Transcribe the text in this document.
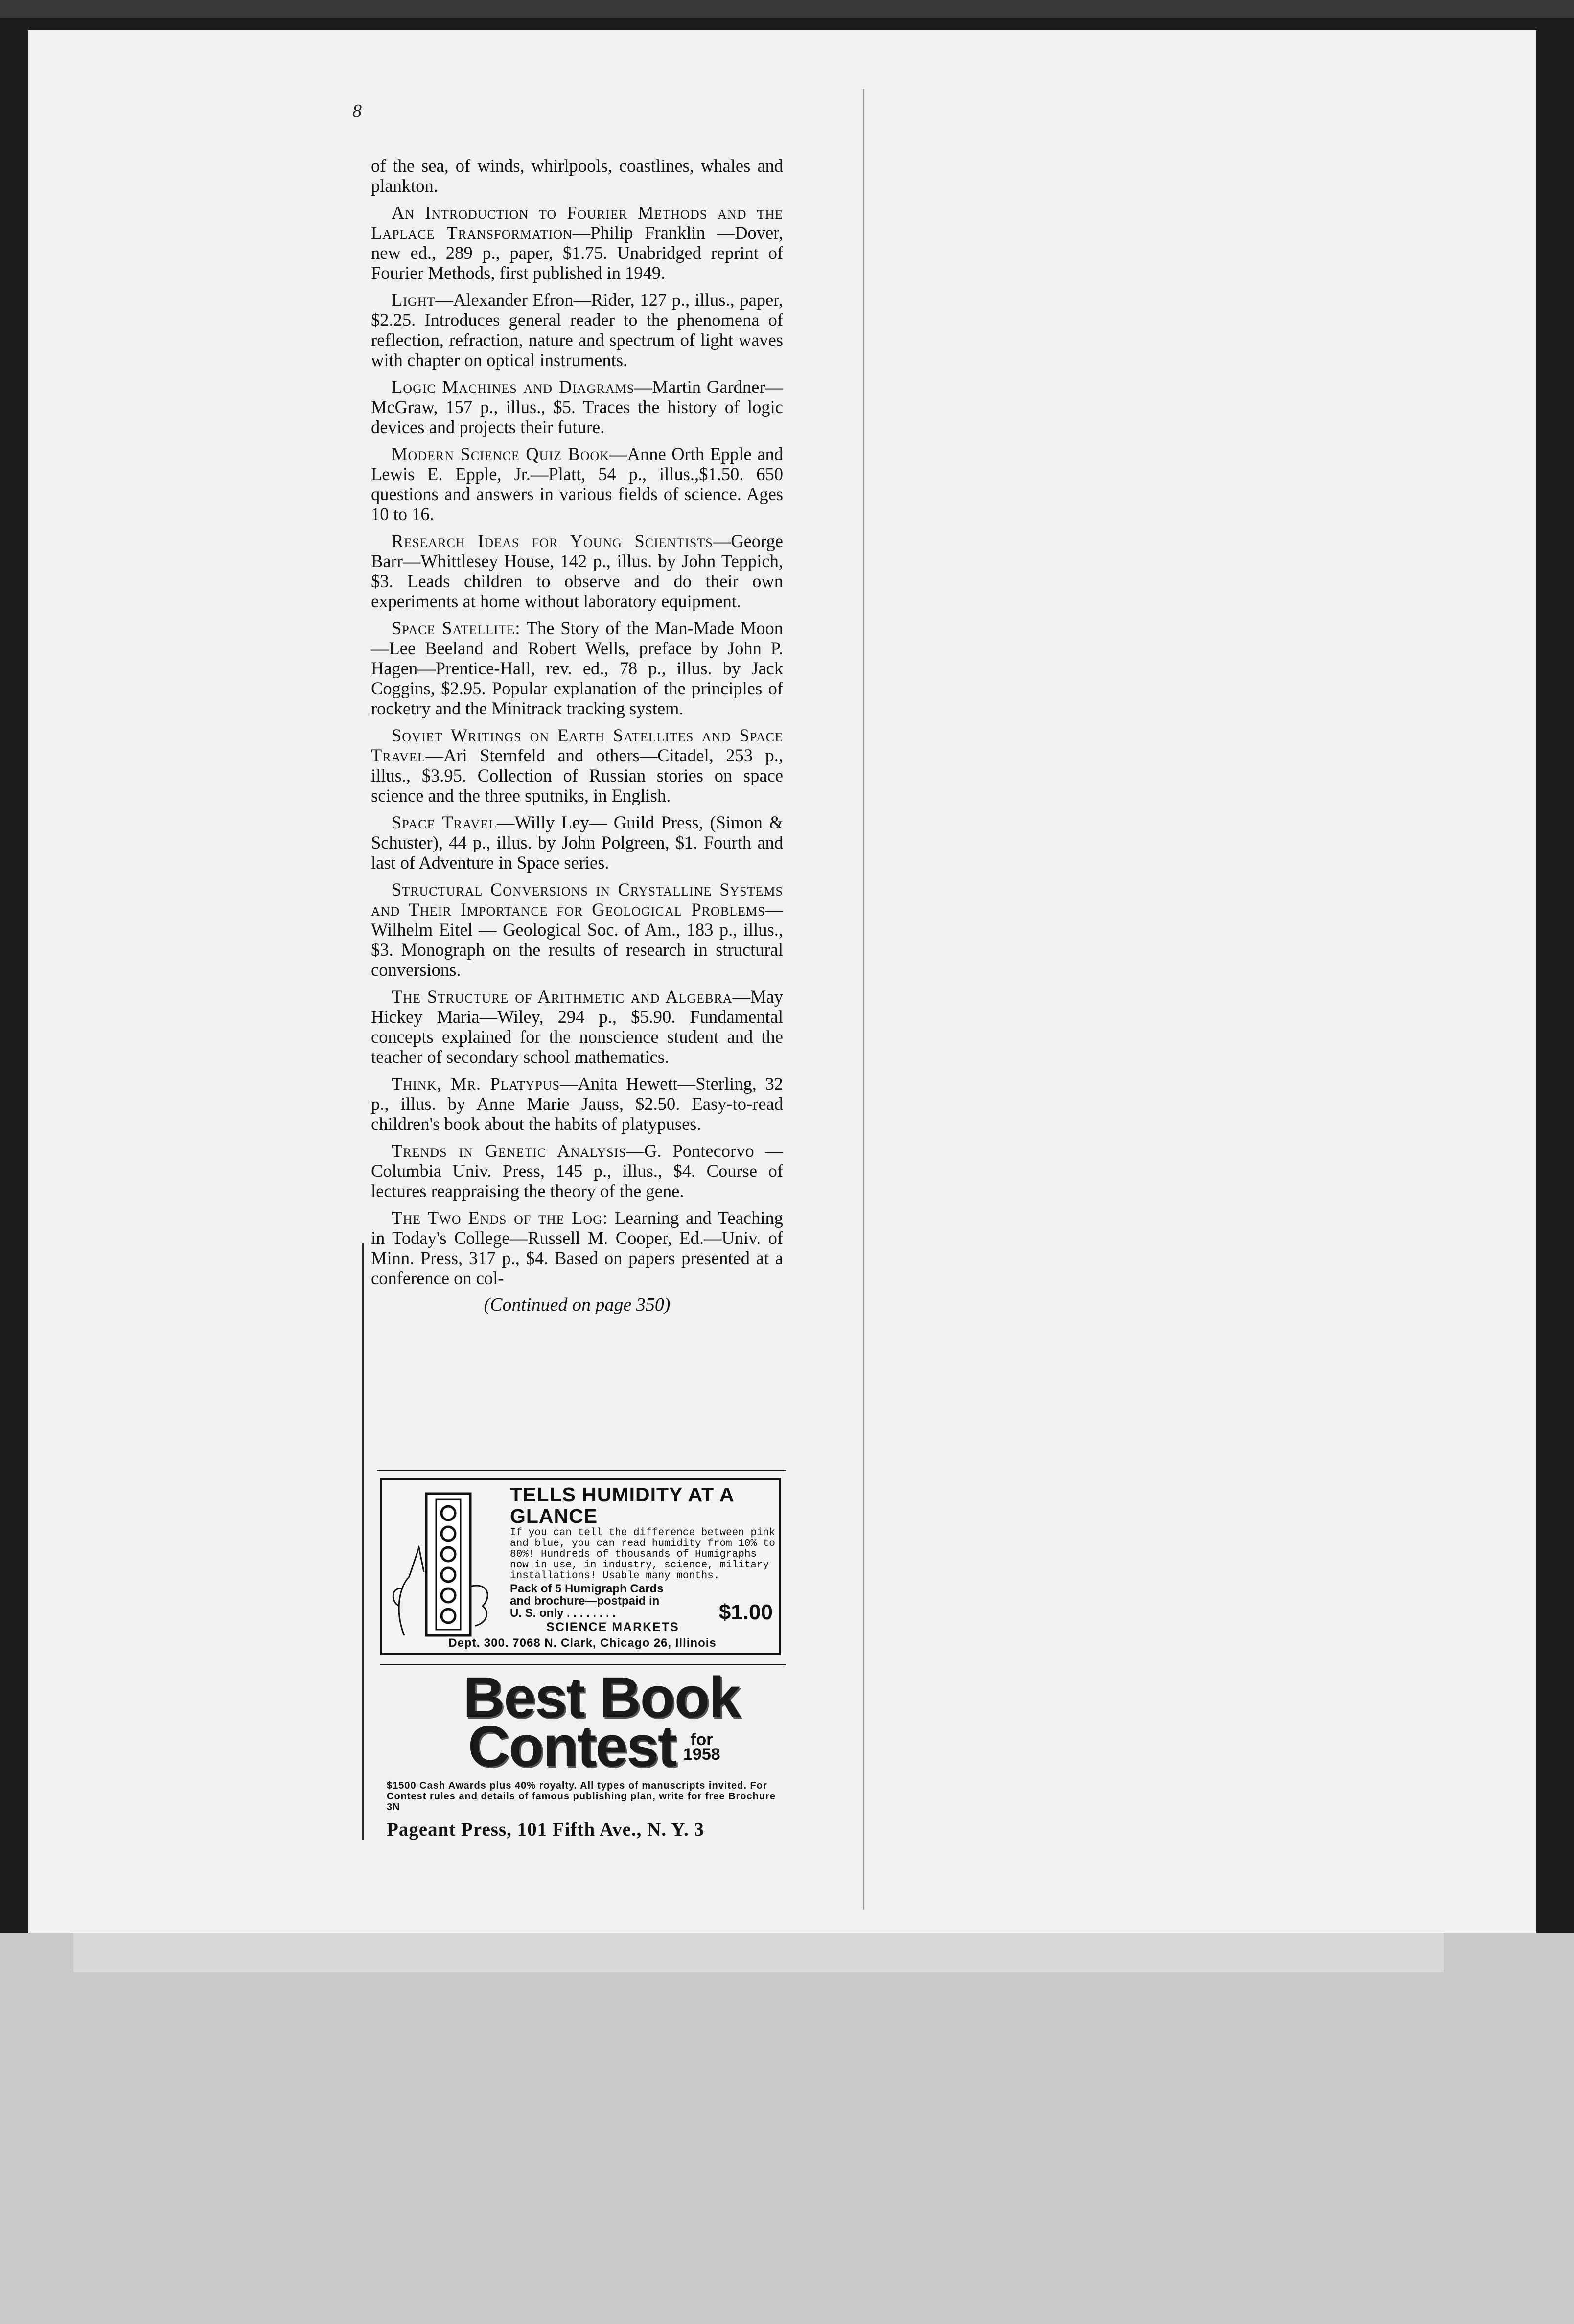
8

of the sea, of winds, whirlpools, coastlines, whales and plankton.

An Introduction to Fourier Methods and the Laplace Transformation—Philip Franklin —Dover, new ed., 289 p., paper, $1.75. Unabridged reprint of Fourier Methods, first published in 1949.

Light—Alexander Efron—Rider, 127 p., illus., paper, $2.25. Introduces general reader to the phenomena of reflection, refraction, nature and spectrum of light waves with chapter on optical instruments.

Logic Machines and Diagrams—Martin Gardner—McGraw, 157 p., illus., $5. Traces the history of logic devices and projects their future.

Modern Science Quiz Book—Anne Orth Epple and Lewis E. Epple, Jr.—Platt, 54 p., illus.,$1.50. 650 questions and answers in various fields of science. Ages 10 to 16.

Research Ideas for Young Scientists—George Barr—Whittlesey House, 142 p., illus. by John Teppich, $3. Leads children to observe and do their own experiments at home without laboratory equipment.

Space Satellite: The Story of the Man-Made Moon—Lee Beeland and Robert Wells, preface by John P. Hagen—Prentice-Hall, rev. ed., 78 p., illus. by Jack Coggins, $2.95. Popular explanation of the principles of rocketry and the Minitrack tracking system.

Soviet Writings on Earth Satellites and Space Travel—Ari Sternfeld and others—Citadel, 253 p., illus., $3.95. Collection of Russian stories on space science and the three sputniks, in English.

Space Travel—Willy Ley— Guild Press, (Simon & Schuster), 44 p., illus. by John Polgreen, $1. Fourth and last of Adventure in Space series.

Structural Conversions in Crystalline Systems and Their Importance for Geological Problems— Wilhelm Eitel — Geological Soc. of Am., 183 p., illus., $3. Monograph on the results of research in structural conversions.

The Structure of Arithmetic and Algebra—May Hickey Maria—Wiley, 294 p., $5.90. Fundamental concepts explained for the nonscience student and the teacher of secondary school mathematics.

Think, Mr. Platypus—Anita Hewett—Sterling, 32 p., illus. by Anne Marie Jauss, $2.50. Easy-to-read children's book about the habits of platypuses.

Trends in Genetic Analysis—G. Pontecorvo —Columbia Univ. Press, 145 p., illus., $4. Course of lectures reappraising the theory of the gene.

The Two Ends of the Log: Learning and Teaching in Today's College—Russell M. Cooper, Ed.—Univ. of Minn. Press, 317 p., $4. Based on papers presented at a conference on col-

(Continued on page 350)
TELLS HUMIDITY AT A GLANCE
If you can tell the difference between pink and blue, you can read humidity from 10% to 80%! Hundreds of thousands of Humigraphs now in use, in industry, science, military installations! Usable many months.
Pack of 5 Humigraph Cards and brochure—postpaid in U. S. only . . . . . . . .	$1.00
SCIENCE MARKETS
Dept. 300. 7068 N. Clark, Chicago 26, Illinois
Best Book
Contest for
1958
$1500 Cash Awards plus 40% royalty. All types of manuscripts invited. For Contest rules and details of famous publishing plan, write for free Brochure 3N
Pageant Press, 101 Fifth Ave., N. Y. 3
